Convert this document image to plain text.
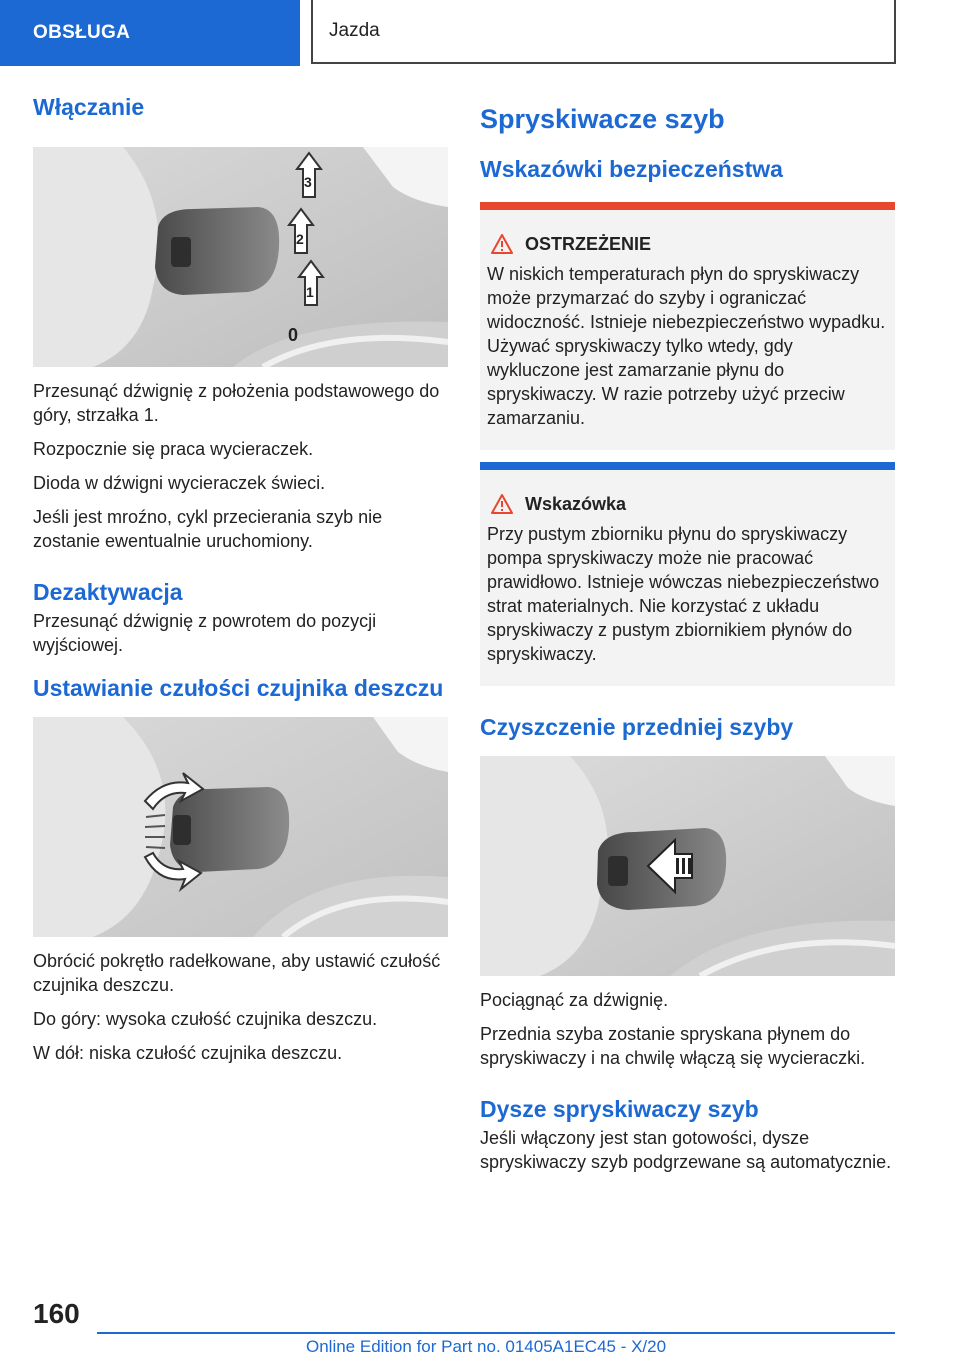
OBSŁUGA	Jazda
Włączanie
1
2
3
0

Przesunąć dźwignię z położenia podstawowego do góry, strzałka 1.

Rozpocznie się praca wycieraczek.

Dioda w dźwigni wycieraczek świeci.

Jeśli jest mroźno, cykl przecierania szyb nie zostanie ewentualnie uruchomiony.

Dezaktywacja

Przesunąć dźwignię z powrotem do pozycji wyjściowej.

Ustawianie czułości czujnika deszczu

Obrócić pokrętło radełkowane, aby ustawić czułość czujnika deszczu.

Do góry: wysoka czułość czujnika deszczu.

W dół: niska czułość czujnika deszczu.

Spryskiwacze szyb
Wskazówki bezpieczeństwa
OSTRZEŻENIE

W niskich temperaturach płyn do spryskiwaczy może przymarzać do szyby i ograniczać widoczność. Istnieje niebezpieczeństwo wypadku. Używać spryskiwaczy tylko wtedy, gdy wykluczone jest zamarzanie płynu do spryskiwaczy. W razie potrzeby użyć przeciw zamarzaniu.

Wskazówka

Przy pustym zbiorniku płynu do spryskiwaczy pompa spryskiwaczy może nie pracować prawidłowo. Istnieje wówczas niebezpieczeństwo strat materialnych. Nie korzystać z układu spryskiwaczy z pustym zbiornikiem płynów do spryskiwaczy.

Czyszczenie przedniej szyby

Pociągnąć za dźwignię.

Przednia szyba zostanie spryskana płynem do spryskiwaczy i na chwilę włączą się wycieraczki.

Dysze spryskiwaczy szyb

Jeśli włączony jest stan gotowości, dysze spryskiwaczy szyb podgrzewane są automatycznie.

160
Online Edition for Part no. 01405A1EC45 - X/20
